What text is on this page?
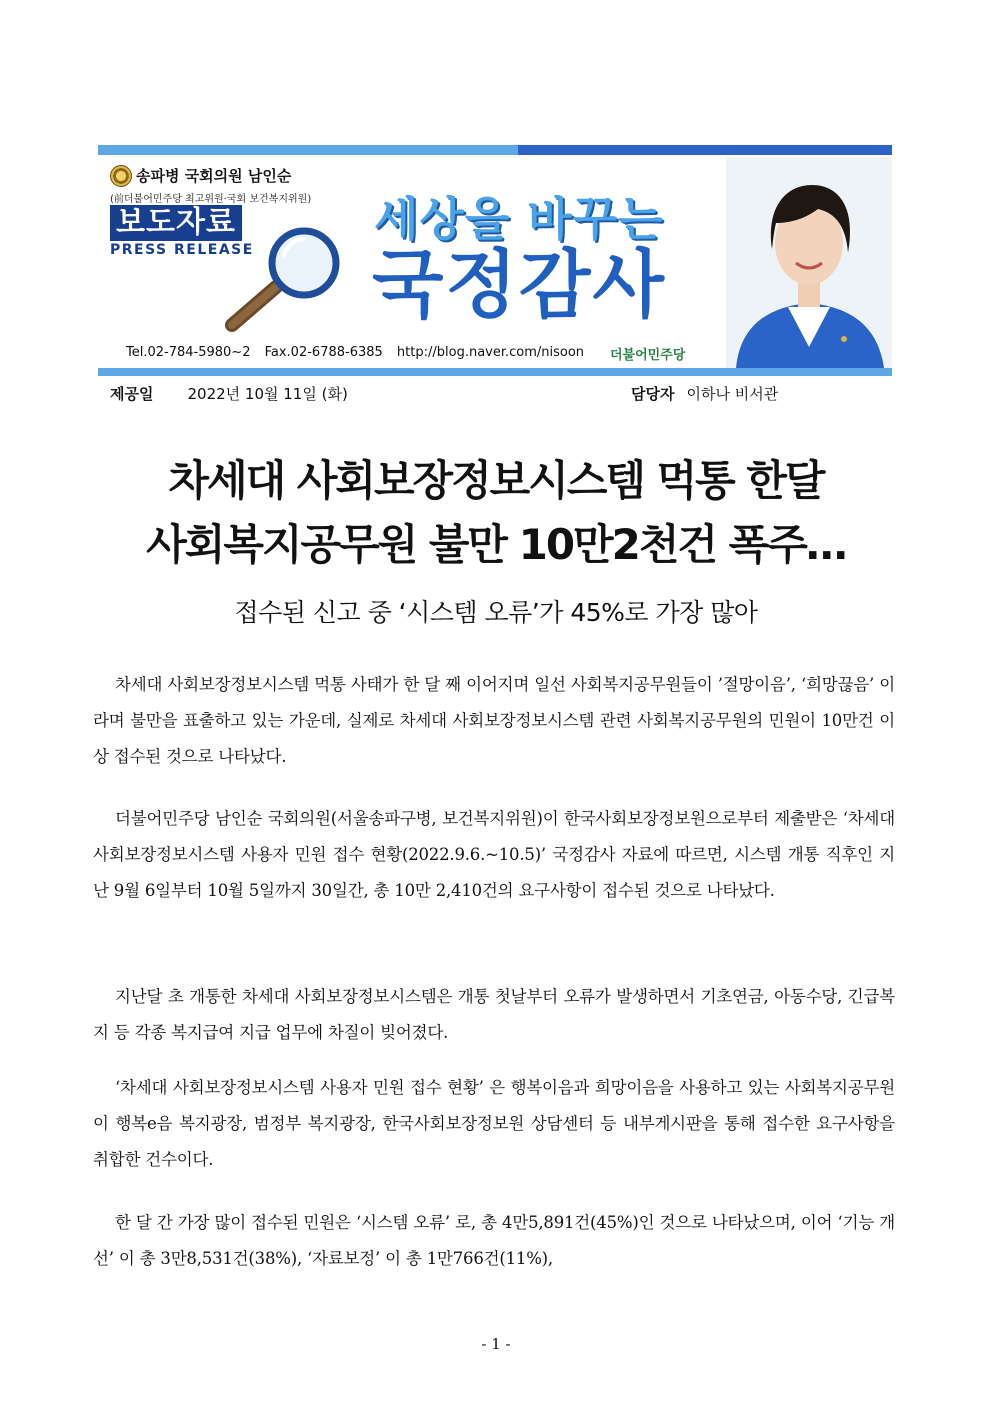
송파병 국회의원 남인순
(前더불어민주당 최고위원·국회 보건복지위원)
보도자료
PRESS RELEASE
세상을 바꾸는
국정감사
Tel.02-784-5980~2 Fax.02-6788-6385 http://blog.naver.com/nisoon	더불어민주당
제공일 2022년 10월 11일 (화)	담당자 이하나 비서관
차세대 사회보장정보시스템 먹통 한달
사회복지공무원 불만 10만2천건 폭주…
접수된 신고 중 ‘시스템 오류’가 45%로 가장 많아

차세대 사회보장정보시스템 먹통 사태가 한 달 째 이어지며 일선 사회복지공무원들이 ’절망이음’, ‘희망끊음’ 이라며 불만을 표출하고 있는 가운데, 실제로 차세대 사회보장정보시스템 관련 사회복지공무원의 민원이 10만건 이상 접수된 것으로 나타났다.

더불어민주당 남인순 국회의원(서울송파구병, 보건복지위원)이 한국사회보장정보원으로부터 제출받은 ‘차세대 사회보장정보시스템 사용자 민원 접수 현황(2022.9.6.~10.5)’ 국정감사 자료에 따르면, 시스템 개통 직후인 지난 9월 6일부터 10월 5일까지 30일간, 총 10만 2,410건의 요구사항이 접수된 것으로 나타났다.

지난달 초 개통한 차세대 사회보장정보시스템은 개통 첫날부터 오류가 발생하면서 기초연금, 아동수당, 긴급복지 등 각종 복지급여 지급 업무에 차질이 빚어졌다.

‘차세대 사회보장정보시스템 사용자 민원 접수 현황’ 은 행복이음과 희망이음을 사용하고 있는 사회복지공무원이 행복e음 복지광장, 범정부 복지광장, 한국사회보장정보원 상담센터 등 내부게시판을 통해 접수한 요구사항을 취합한 건수이다.

한 달 간 가장 많이 접수된 민원은 ‘시스템 오류’ 로, 총 4만5,891건(45%)인 것으로 나타났으며, 이어 ‘기능 개선’ 이 총 3만8,531건(38%), ‘자료보정’ 이 총 1만766건(11%),

- 1 -
